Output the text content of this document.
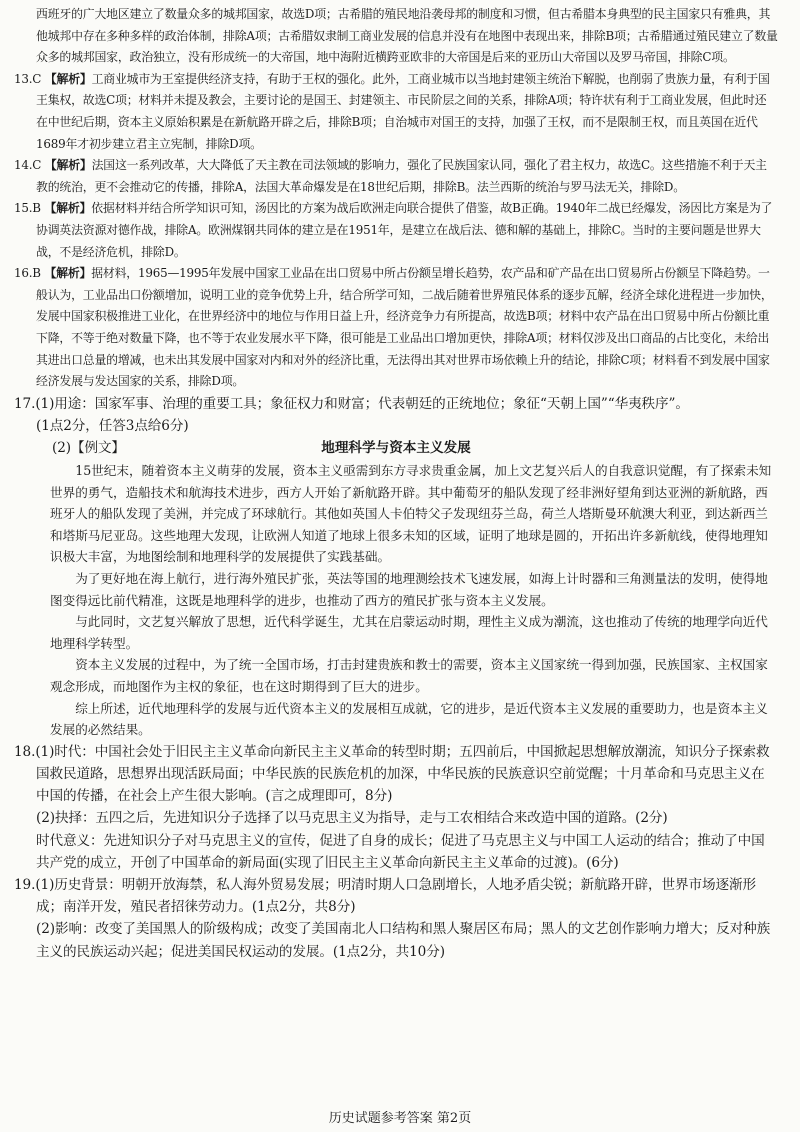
西班牙的广大地区建立了数量众多的城邦国家，故选D项；古希腊的殖民地沿袭母邦的制度和习惯，但古希腊本身典型的民主国家只有雅典，其他城邦中存在多种多样的政治体制，排除A项；古希腊奴隶制工商业发展的信息并没有在地图中表现出来，排除B项；古希腊通过殖民建立了数量众多的城邦国家，政治独立，没有形成统一的大帝国，地中海附近横跨亚欧非的大帝国是后来的亚历山大帝国以及罗马帝国，排除C项。

13.C 【解析】工商业城市为王室提供经济支持，有助于王权的强化。此外，工商业城市以当地封建领主统治下解脱，也削弱了贵族力量，有利于国王集权，故选C项；材料并未提及教会，主要讨论的是国王、封建领主、市民阶层之间的关系，排除A项；特许状有利于工商业发展，但此时还在中世纪后期，资本主义原始积累是在新航路开辟之后，排除B项；自治城市对国王的支持，加强了王权，而不是限制王权，而且英国在近代1689年才初步建立君主立宪制，排除D项。

14.C 【解析】法国这一系列改革，大大降低了天主教在司法领域的影响力，强化了民族国家认同，强化了君主权力，故选C。这些措施不利于天主教的统治，更不会推动它的传播，排除A，法国大革命爆发是在18世纪后期，排除B。法兰西斯的统治与罗马法无关，排除D。

15.B 【解析】依据材料并结合所学知识可知，汤因比的方案为战后欧洲走向联合提供了借鉴，故B正确。1940年二战已经爆发，汤因比方案是为了协调英法资源对德作战，排除A。欧洲煤钢共同体的建立是在1951年，是建立在战后法、德和解的基础上，排除C。当时的主要问题是世界大战，不是经济危机，排除D。

16.B 【解析】据材料，1965—1995年发展中国家工业品在出口贸易中所占份额呈增长趋势，农产品和矿产品在出口贸易所占份额呈下降趋势。一般认为，工业品出口份额增加，说明工业的竞争优势上升，结合所学可知，二战后随着世界殖民体系的逐步瓦解，经济全球化进程进一步加快，发展中国家积极推进工业化，在世界经济中的地位与作用日益上升，经济竞争力有所提高，故选B项；材料中农产品在出口贸易中所占份额比重下降，不等于绝对数量下降，也不等于农业发展水平下降，很可能是工业品出口增加更快，排除A项；材料仅涉及出口商品的占比变化，未给出其进出口总量的增减，也未出其发展中国家对内和对外的经济比重，无法得出其对世界市场依赖上升的结论，排除C项；材料看不到发展中国家经济发展与发达国家的关系，排除D项。

17.(1)用途：国家军事、治理的重要工具；象征权力和财富；代表朝廷的正统地位；象征“天朝上国”“华夷秩序”。

(1点2分，任答3点给6分)

(2)【例文】	地理科学与资本主义发展

15世纪末，随着资本主义萌芽的发展，资本主义亟需到东方寻求贵重金属，加上文艺复兴后人的自我意识觉醒，有了探索未知世界的勇气，造船技术和航海技术进步，西方人开始了新航路开辟。其中葡萄牙的船队发现了经非洲好望角到达亚洲的新航路，西班牙人的船队发现了美洲，并完成了环球航行。其他如英国人卡伯特父子发现纽芬兰岛，荷兰人塔斯曼环航澳大利亚，到达新西兰和塔斯马尼亚岛。这些地理大发现，让欧洲人知道了地球上很多未知的区域，证明了地球是圆的，开拓出许多新航线，使得地理知识极大丰富，为地图绘制和地理科学的发展提供了实践基础。

为了更好地在海上航行，进行海外殖民扩张，英法等国的地理测绘技术飞速发展，如海上计时器和三角测量法的发明，使得地图变得远比前代精准，这既是地理科学的进步，也推动了西方的殖民扩张与资本主义发展。

与此同时，文艺复兴解放了思想，近代科学诞生，尤其在启蒙运动时期，理性主义成为潮流，这也推动了传统的地理学向近代地理科学转型。

资本主义发展的过程中，为了统一全国市场，打击封建贵族和教士的需要，资本主义国家统一得到加强，民族国家、主权国家观念形成，而地图作为主权的象征，也在这时期得到了巨大的进步。

综上所述，近代地理科学的发展与近代资本主义的发展相互成就，它的进步，是近代资本主义发展的重要助力，也是资本主义发展的必然结果。

18.(1)时代：中国社会处于旧民主主义革命向新民主主义革命的转型时期；五四前后，中国掀起思想解放潮流，知识分子探索救国救民道路，思想界出现活跃局面；中华民族的民族危机的加深，中华民族的民族意识空前觉醒；十月革命和马克思主义在中国的传播，在社会上产生很大影响。(言之成理即可，8分)

(2)抉择：五四之后，先进知识分子选择了以马克思主义为指导，走与工农相结合来改造中国的道路。(2分)

时代意义：先进知识分子对马克思主义的宣传，促进了自身的成长；促进了马克思主义与中国工人运动的结合；推动了中国共产党的成立，开创了中国革命的新局面(实现了旧民主主义革命向新民主主义革命的过渡)。(6分)

19.(1)历史背景：明朝开放海禁，私人海外贸易发展；明清时期人口急剧增长，人地矛盾尖锐；新航路开辟，世界市场逐渐形成；南洋开发，殖民者招徕劳动力。(1点2分，共8分)

(2)影响：改变了美国黑人的阶级构成；改变了美国南北人口结构和黑人聚居区布局；黑人的文艺创作影响力增大；反对种族主义的民族运动兴起；促进美国民权运动的发展。(1点2分，共10分)

历史试题参考答案 第2页
